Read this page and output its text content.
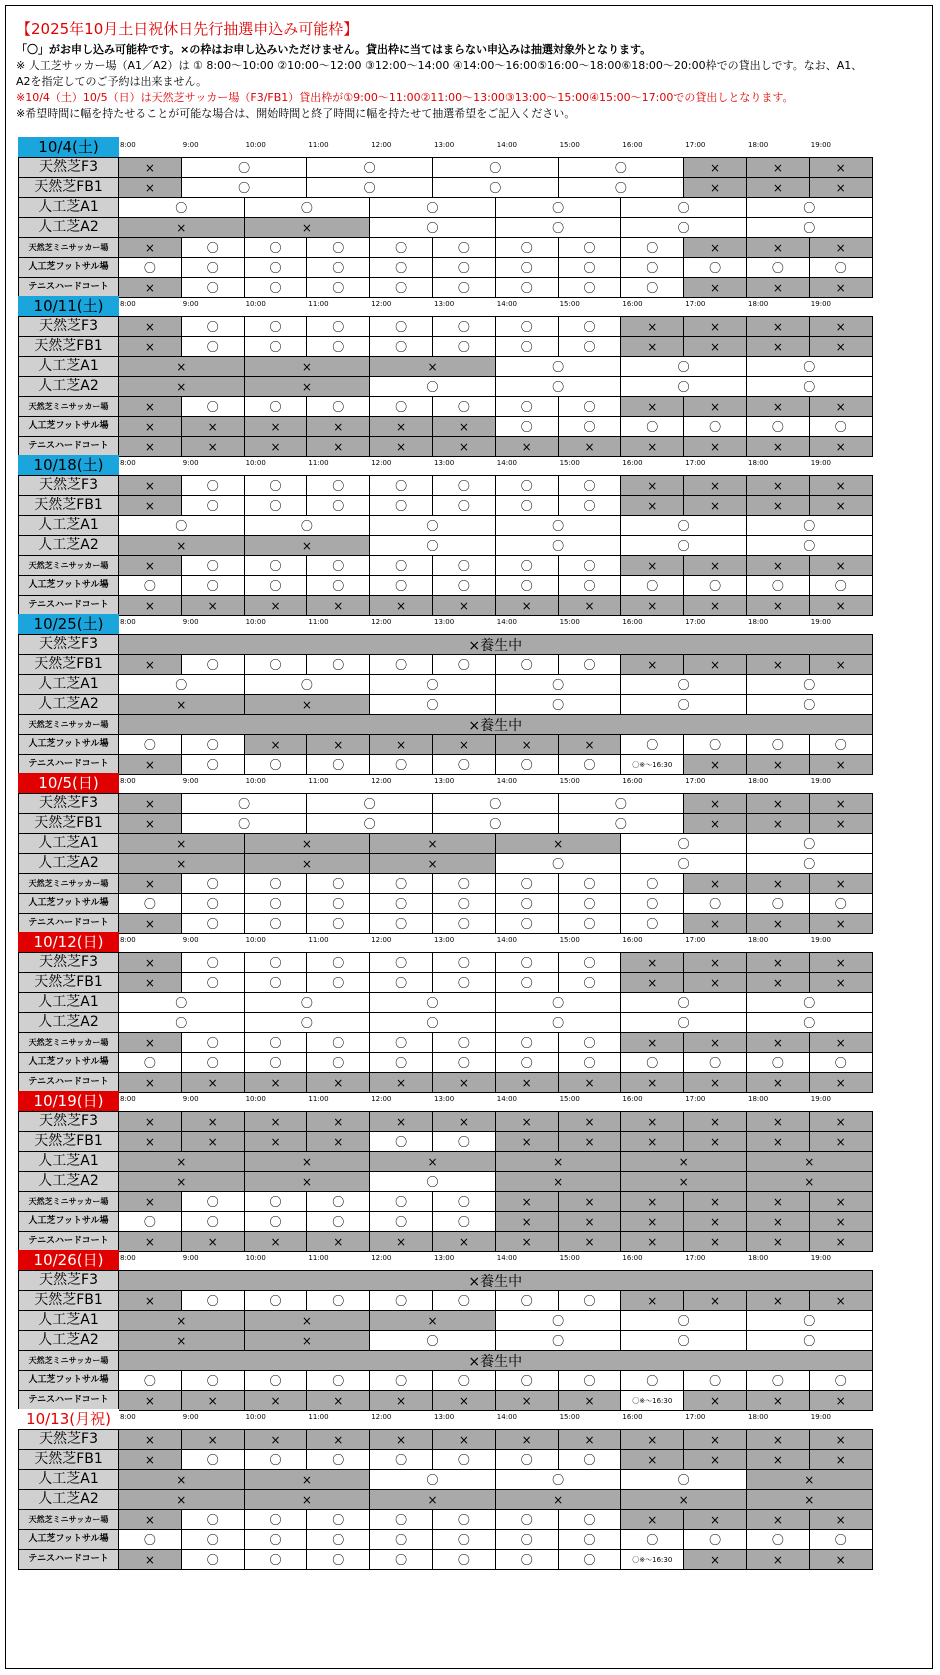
【2025年10月土日祝休日先行抽選申込み可能枠】
「〇」がお申し込み可能枠です。×の枠はお申し込みいただけません。貸出枠に当てはまらない申込みは抽選対象外となります。
※ 人工芝サッカー場（A1／A2）は ① 8:00～10:00 ②10:00～12:00 ③12:00～14:00 ④14:00～16:00⑤16:00～18:00⑥18:00～20:00枠での貸出しです。なお、A1、
A2を指定してのご予約は出来ません。
※10/4（土）10/5（日）は天然芝サッカー場（F3/FB1）貸出枠が①9:00～11:00②11:00～13:00③13:00～15:00④15:00～17:00での貸出しとなります。
※希望時間に幅を持たせることが可能な場合は、開始時間と終了時間に幅を持たせて抽選希望をご記入ください。
10/4(土)	8:00	9:00	10:00	11:00	12:00	13:00	14:00	15:00	16:00	17:00	18:00	19:00
天然芝F3	×	〇	〇	〇	〇	×	×	×
天然芝FB1	×	〇	〇	〇	〇	×	×	×
人工芝A1	〇	〇	〇	〇	〇	〇
人工芝A2	×	×	〇	〇	〇	〇
天然芝ミニサッカー場	×	〇	〇	〇	〇	〇	〇	〇	〇	×	×	×
人工芝フットサル場	〇	〇	〇	〇	〇	〇	〇	〇	〇	〇	〇	〇
テニスハードコート	×	〇	〇	〇	〇	〇	〇	〇	〇	×	×	×
10/11(土)	8:00	9:00	10:00	11:00	12:00	13:00	14:00	15:00	16:00	17:00	18:00	19:00
天然芝F3	×	〇	〇	〇	〇	〇	〇	〇	×	×	×	×
天然芝FB1	×	〇	〇	〇	〇	〇	〇	〇	×	×	×	×
人工芝A1	×	×	×	〇	〇	〇
人工芝A2	×	×	〇	〇	〇	〇
天然芝ミニサッカー場	×	〇	〇	〇	〇	〇	〇	〇	×	×	×	×
人工芝フットサル場	×	×	×	×	×	×	〇	〇	〇	〇	〇	〇
テニスハードコート	×	×	×	×	×	×	×	×	×	×	×	×
10/18(土)	8:00	9:00	10:00	11:00	12:00	13:00	14:00	15:00	16:00	17:00	18:00	19:00
天然芝F3	×	〇	〇	〇	〇	〇	〇	〇	×	×	×	×
天然芝FB1	×	〇	〇	〇	〇	〇	〇	〇	×	×	×	×
人工芝A1	〇	〇	〇	〇	〇	〇
人工芝A2	×	×	〇	〇	〇	〇
天然芝ミニサッカー場	×	〇	〇	〇	〇	〇	〇	〇	×	×	×	×
人工芝フットサル場	〇	〇	〇	〇	〇	〇	〇	〇	〇	〇	〇	〇
テニスハードコート	×	×	×	×	×	×	×	×	×	×	×	×
10/25(土)	8:00	9:00	10:00	11:00	12:00	13:00	14:00	15:00	16:00	17:00	18:00	19:00
天然芝F3	×養生中
天然芝FB1	×	〇	〇	〇	〇	〇	〇	〇	×	×	×	×
人工芝A1	〇	〇	〇	〇	〇	〇
人工芝A2	×	×	〇	〇	〇	〇
天然芝ミニサッカー場	×養生中
人工芝フットサル場	〇	〇	×	×	×	×	×	×	〇	〇	〇	〇
テニスハードコート	×	〇	〇	〇	〇	〇	〇	〇	〇※～16:30	×	×	×
10/5(日)	8:00	9:00	10:00	11:00	12:00	13:00	14:00	15:00	16:00	17:00	18:00	19:00
天然芝F3	×	〇	〇	〇	〇	×	×	×
天然芝FB1	×	〇	〇	〇	〇	×	×	×
人工芝A1	×	×	×	×	〇	〇
人工芝A2	×	×	×	〇	〇	〇
天然芝ミニサッカー場	×	〇	〇	〇	〇	〇	〇	〇	〇	×	×	×
人工芝フットサル場	〇	〇	〇	〇	〇	〇	〇	〇	〇	〇	〇	〇
テニスハードコート	×	〇	〇	〇	〇	〇	〇	〇	〇	×	×	×
10/12(日)	8:00	9:00	10:00	11:00	12:00	13:00	14:00	15:00	16:00	17:00	18:00	19:00
天然芝F3	×	〇	〇	〇	〇	〇	〇	〇	×	×	×	×
天然芝FB1	×	〇	〇	〇	〇	〇	〇	〇	×	×	×	×
人工芝A1	〇	〇	〇	〇	〇	〇
人工芝A2	〇	〇	〇	〇	〇	〇
天然芝ミニサッカー場	×	〇	〇	〇	〇	〇	〇	〇	×	×	×	×
人工芝フットサル場	〇	〇	〇	〇	〇	〇	〇	〇	〇	〇	〇	〇
テニスハードコート	×	×	×	×	×	×	×	×	×	×	×	×
10/19(日)	8:00	9:00	10:00	11:00	12:00	13:00	14:00	15:00	16:00	17:00	18:00	19:00
天然芝F3	×	×	×	×	×	×	×	×	×	×	×	×
天然芝FB1	×	×	×	×	〇	〇	×	×	×	×	×	×
人工芝A1	×	×	×	×	×	×
人工芝A2	×	×	〇	×	×	×
天然芝ミニサッカー場	×	〇	〇	〇	〇	〇	×	×	×	×	×	×
人工芝フットサル場	〇	〇	〇	〇	〇	〇	×	×	×	×	×	×
テニスハードコート	×	×	×	×	×	×	×	×	×	×	×	×
10/26(日)	8:00	9:00	10:00	11:00	12:00	13:00	14:00	15:00	16:00	17:00	18:00	19:00
天然芝F3	×養生中
天然芝FB1	×	〇	〇	〇	〇	〇	〇	〇	×	×	×	×
人工芝A1	×	×	×	〇	〇	〇
人工芝A2	×	×	〇	〇	〇	〇
天然芝ミニサッカー場	×養生中
人工芝フットサル場	〇	〇	〇	〇	〇	〇	〇	〇	〇	〇	〇	〇
テニスハードコート	×	×	×	×	×	×	×	×	〇※～16:30	×	×	×
10/13(月祝)	8:00	9:00	10:00	11:00	12:00	13:00	14:00	15:00	16:00	17:00	18:00	19:00
天然芝F3	×	×	×	×	×	×	×	×	×	×	×	×
天然芝FB1	×	〇	〇	〇	〇	〇	〇	〇	×	×	×	×
人工芝A1	×	×	〇	〇	〇	×
人工芝A2	×	×	×	×	×	×
天然芝ミニサッカー場	×	〇	〇	〇	〇	〇	〇	〇	×	×	×	×
人工芝フットサル場	〇	〇	〇	〇	〇	〇	〇	〇	〇	〇	〇	〇
テニスハードコート	×	〇	〇	〇	〇	〇	〇	〇	〇※～16:30	×	×	×
